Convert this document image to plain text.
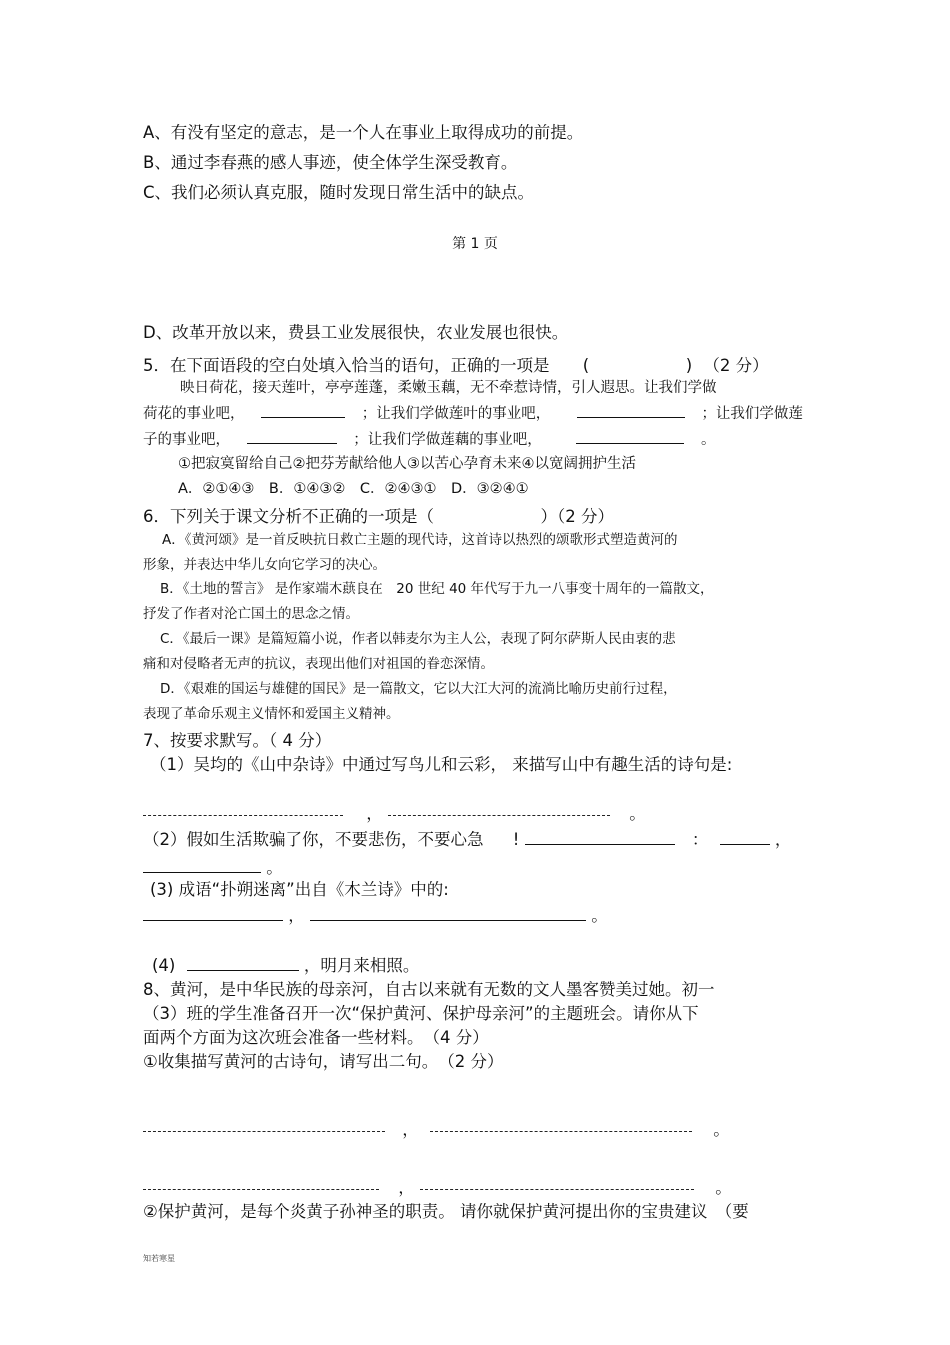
A、有没有坚定的意志，是一个人在事业上取得成功的前提。
B、通过李春燕的感人事迹，使全体学生深受教育。
C、我们必须认真克服，随时发现日常生活中的缺点。
第 1 页
D、改革开放以来，费县工业发展很快，农业发展也很快。
5．在下面语段的空白处填入恰当的语句，正确的一项是 (	) （2 分）
映日荷花，接天莲叶，亭亭莲蓬，柔嫩玉藕，无不牵惹诗情，引人遐思。让我们学做
荷花的事业吧，	；让我们学做莲叶的事业吧，	；让我们学做莲
子的事业吧，	；让我们学做莲藕的事业吧，	。
①把寂寞留给自己②把芬芳献给他人③以苦心孕育未来④以宽阔拥护生活
A．②①④③　B．①④③②　C．②④③①　D．③②④①
6．下列关于课文分析不正确的一项是（	）（2 分）
A．《黄河颂》是一首反映抗日救亡主题的现代诗，这首诗以热烈的颂歌形式塑造黄河的
形象，并表达中华儿女向它学习的决心。
B．《土地的誓言》 是作家端木蕻良在　20 世纪 40 年代写于九一八事变十周年的一篇散文，
抒发了作者对沦亡国土的思念之情。
C．《最后一课》是篇短篇小说，作者以韩麦尔为主人公，表现了阿尔萨斯人民由衷的悲
痛和对侵略者无声的抗议，表现出他们对祖国的眷恋深情。
D．《艰难的国运与雄健的国民》是一篇散文，它以大江大河的流淌比喻历史前行过程，
表现了革命乐观主义情怀和爱国主义精神。
7、按要求默写。（ 4 分）
（1）吴均的《山中杂诗》中通过写鸟儿和云彩， 来描写山中有趣生活的诗句是:
，	。
（2）假如生活欺骗了你，不要悲伤，不要心急 !	：	，
。
(3) 成语“扑朔迷离”出自《木兰诗》中的:
，	。
(4)	，明月来相照。
8、黄河，是中华民族的母亲河，自古以来就有无数的文人墨客赞美过她。初一
（3）班的学生准备召开一次“保护黄河、保护母亲河”的主题班会。请你从下
面两个方面为这次班会准备一些材料。　（4 分）
①收集描写黄河的古诗句，请写出二句。　（2 分）
，	。
，	。
②保护黄河，是每个炎黄子孙神圣的职责。 请你就保护黄河提出你的宝贵建议　（要
知若寒星
